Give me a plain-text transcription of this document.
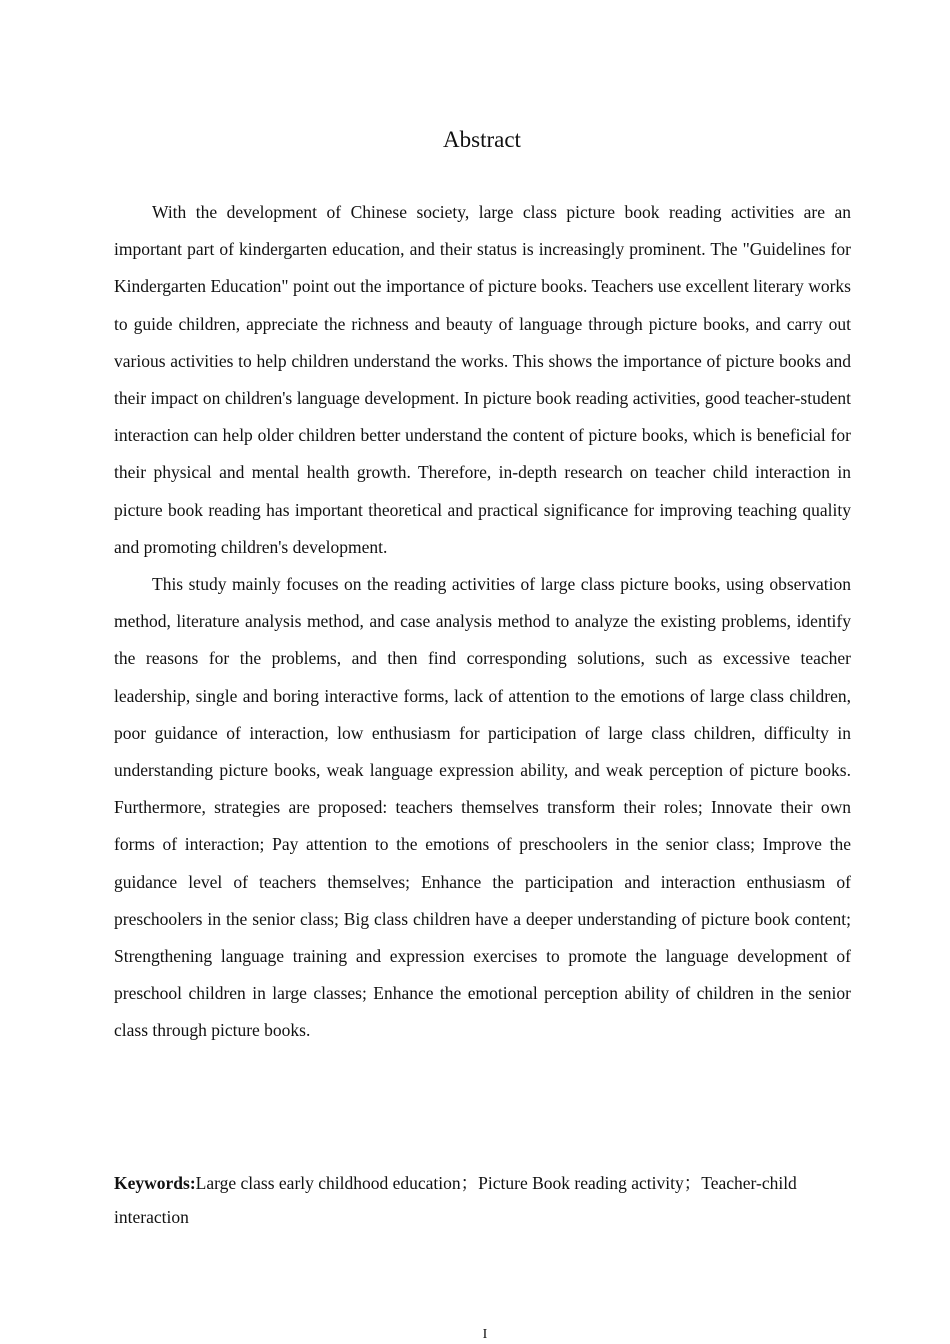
Abstract

With the development of Chinese society, large class picture book reading activities are an important part of kindergarten education, and their status is increasingly prominent. The "Guidelines for Kindergarten Education" point out the importance of picture books. Teachers use excellent literary works to guide children, appreciate the richness and beauty of language through picture books, and carry out various activities to help children understand the works. This shows the importance of picture books and their impact on children's language development. In picture book reading activities, good teacher-student interaction can help older children better understand the content of picture books, which is beneficial for their physical and mental health growth. Therefore, in-depth research on teacher child interaction in picture book reading has important theoretical and practical significance for improving teaching quality and promoting children's development.

This study mainly focuses on the reading activities of large class picture books, using observation method, literature analysis method, and case analysis method to analyze the existing problems, identify the reasons for the problems, and then find corresponding solutions, such as excessive teacher leadership, single and boring interactive forms, lack of attention to the emotions of large class children, poor guidance of interaction, low enthusiasm for participation of large class children, difficulty in understanding picture books, weak language expression ability, and weak perception of picture books. Furthermore, strategies are proposed: teachers themselves transform their roles; Innovate their own forms of interaction; Pay attention to the emotions of preschoolers in the senior class; Improve the guidance level of teachers themselves; Enhance the participation and interaction enthusiasm of preschoolers in the senior class; Big class children have a deeper understanding of picture book content; Strengthening language training and expression exercises to promote the language development of preschool children in large classes; Enhance the emotional perception ability of children in the senior class through picture books.

Keywords:Large class early childhood education；Picture Book reading activity；Teacher-child interaction

I
